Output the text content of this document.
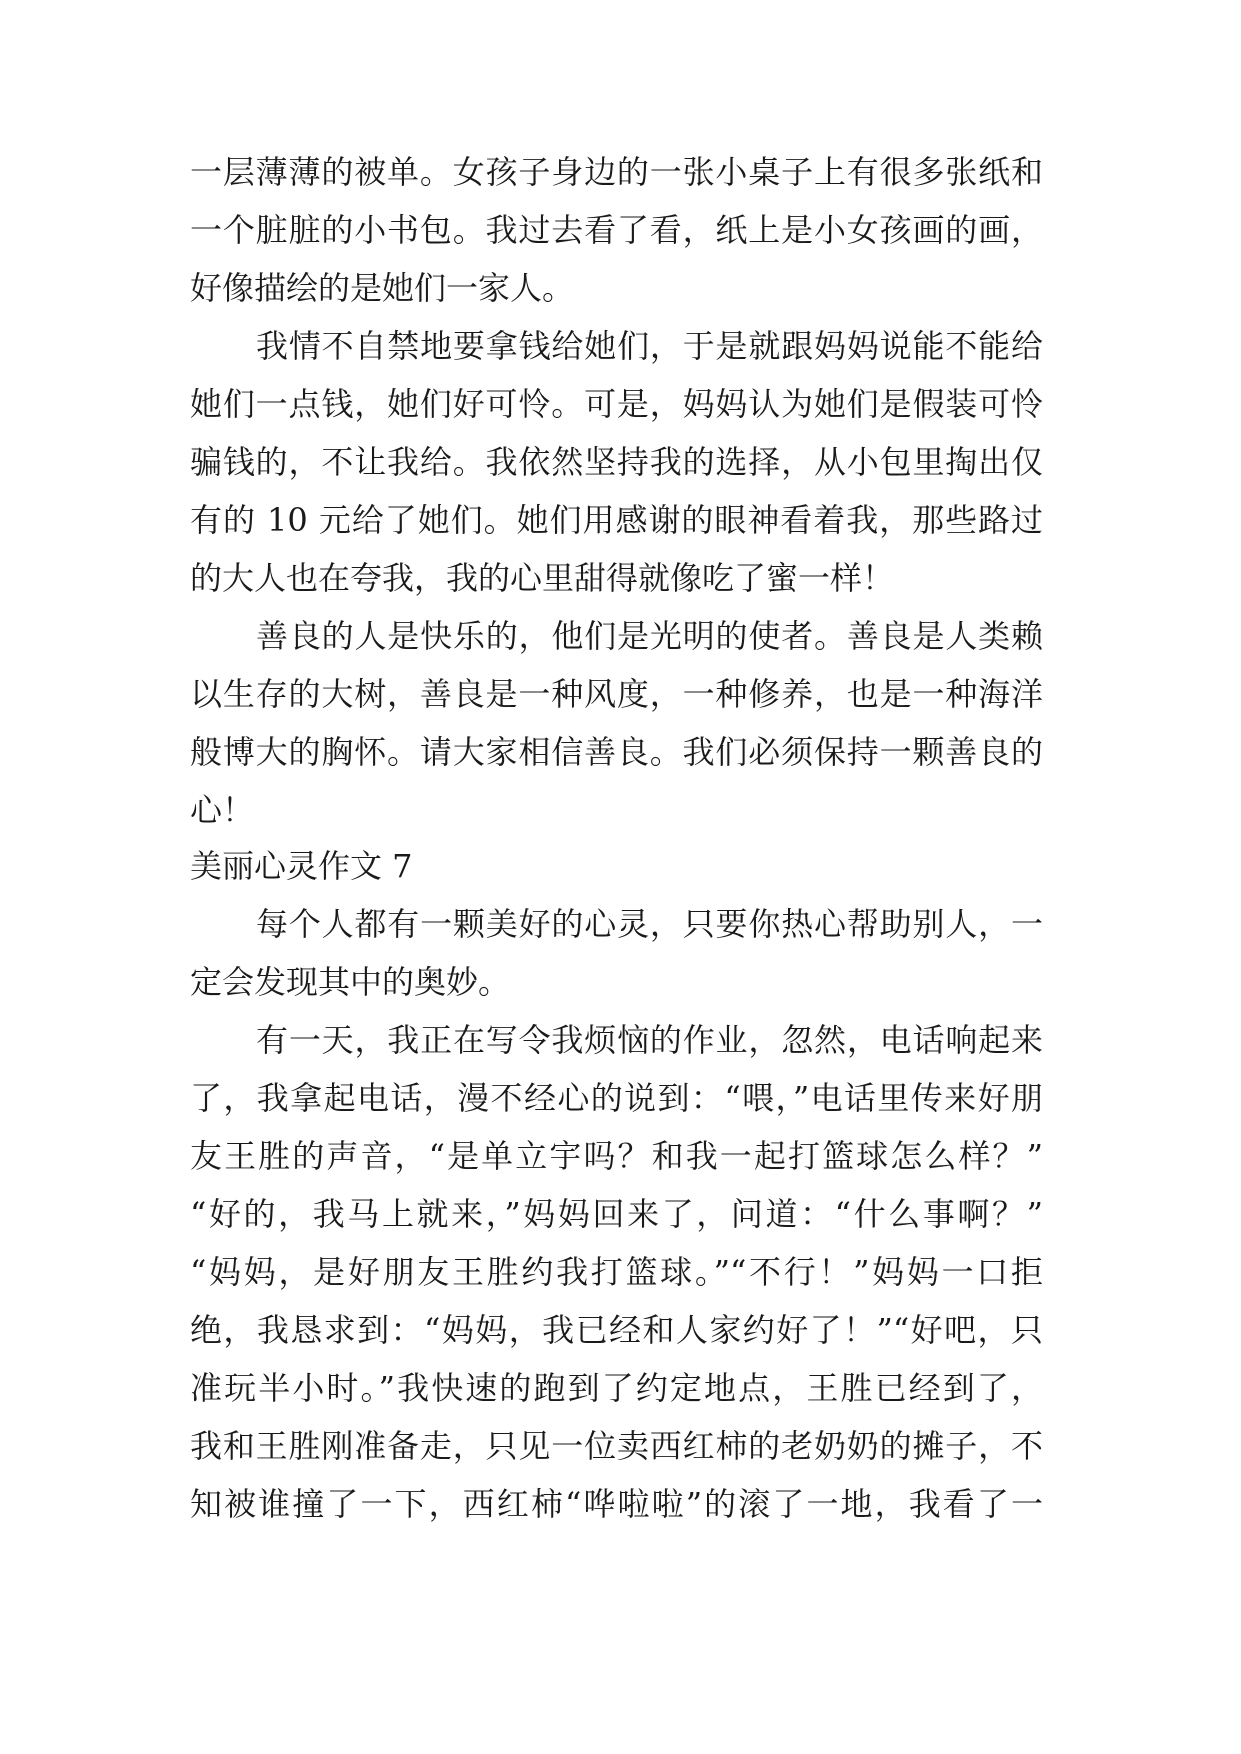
一层薄薄的被单。女孩子身边的一张小桌子上有很多张纸和
一个脏脏的小书包。我过去看了看，纸上是小女孩画的画，
好像描绘的是她们一家人。
我情不自禁地要拿钱给她们，于是就跟妈妈说能不能给
她们一点钱，她们好可怜。可是，妈妈认为她们是假装可怜
骗钱的，不让我给。我依然坚持我的选择，从小包里掏出仅
有的 10 元给了她们。她们用感谢的眼神看着我，那些路过
的大人也在夸我，我的心里甜得就像吃了蜜一样！
善良的人是快乐的，他们是光明的使者。善良是人类赖
以生存的大树，善良是一种风度，一种修养，也是一种海洋
般博大的胸怀。请大家相信善良。我们必须保持一颗善良的
心！
美丽心灵作文 7
每个人都有一颗美好的心灵，只要你热心帮助别人，一
定会发现其中的奥妙。
有一天，我正在写令我烦恼的作业，忽然，电话响起来
了，我拿起电话，漫不经心的说到：“喂，”电话里传来好朋
友王胜的声音，“是单立宇吗？和我一起打篮球怎么样？”
“好的，我马上就来，”妈妈回来了，问道：“什么事啊？”
“妈妈，是好朋友王胜约我打篮球。”“不行！”妈妈一口拒
绝，我恳求到：“妈妈，我已经和人家约好了！”“好吧，只
准玩半小时。”我快速的跑到了约定地点，王胜已经到了，
我和王胜刚准备走，只见一位卖西红柿的老奶奶的摊子，不
知被谁撞了一下，西红柿“哗啦啦”的滚了一地，我看了一
